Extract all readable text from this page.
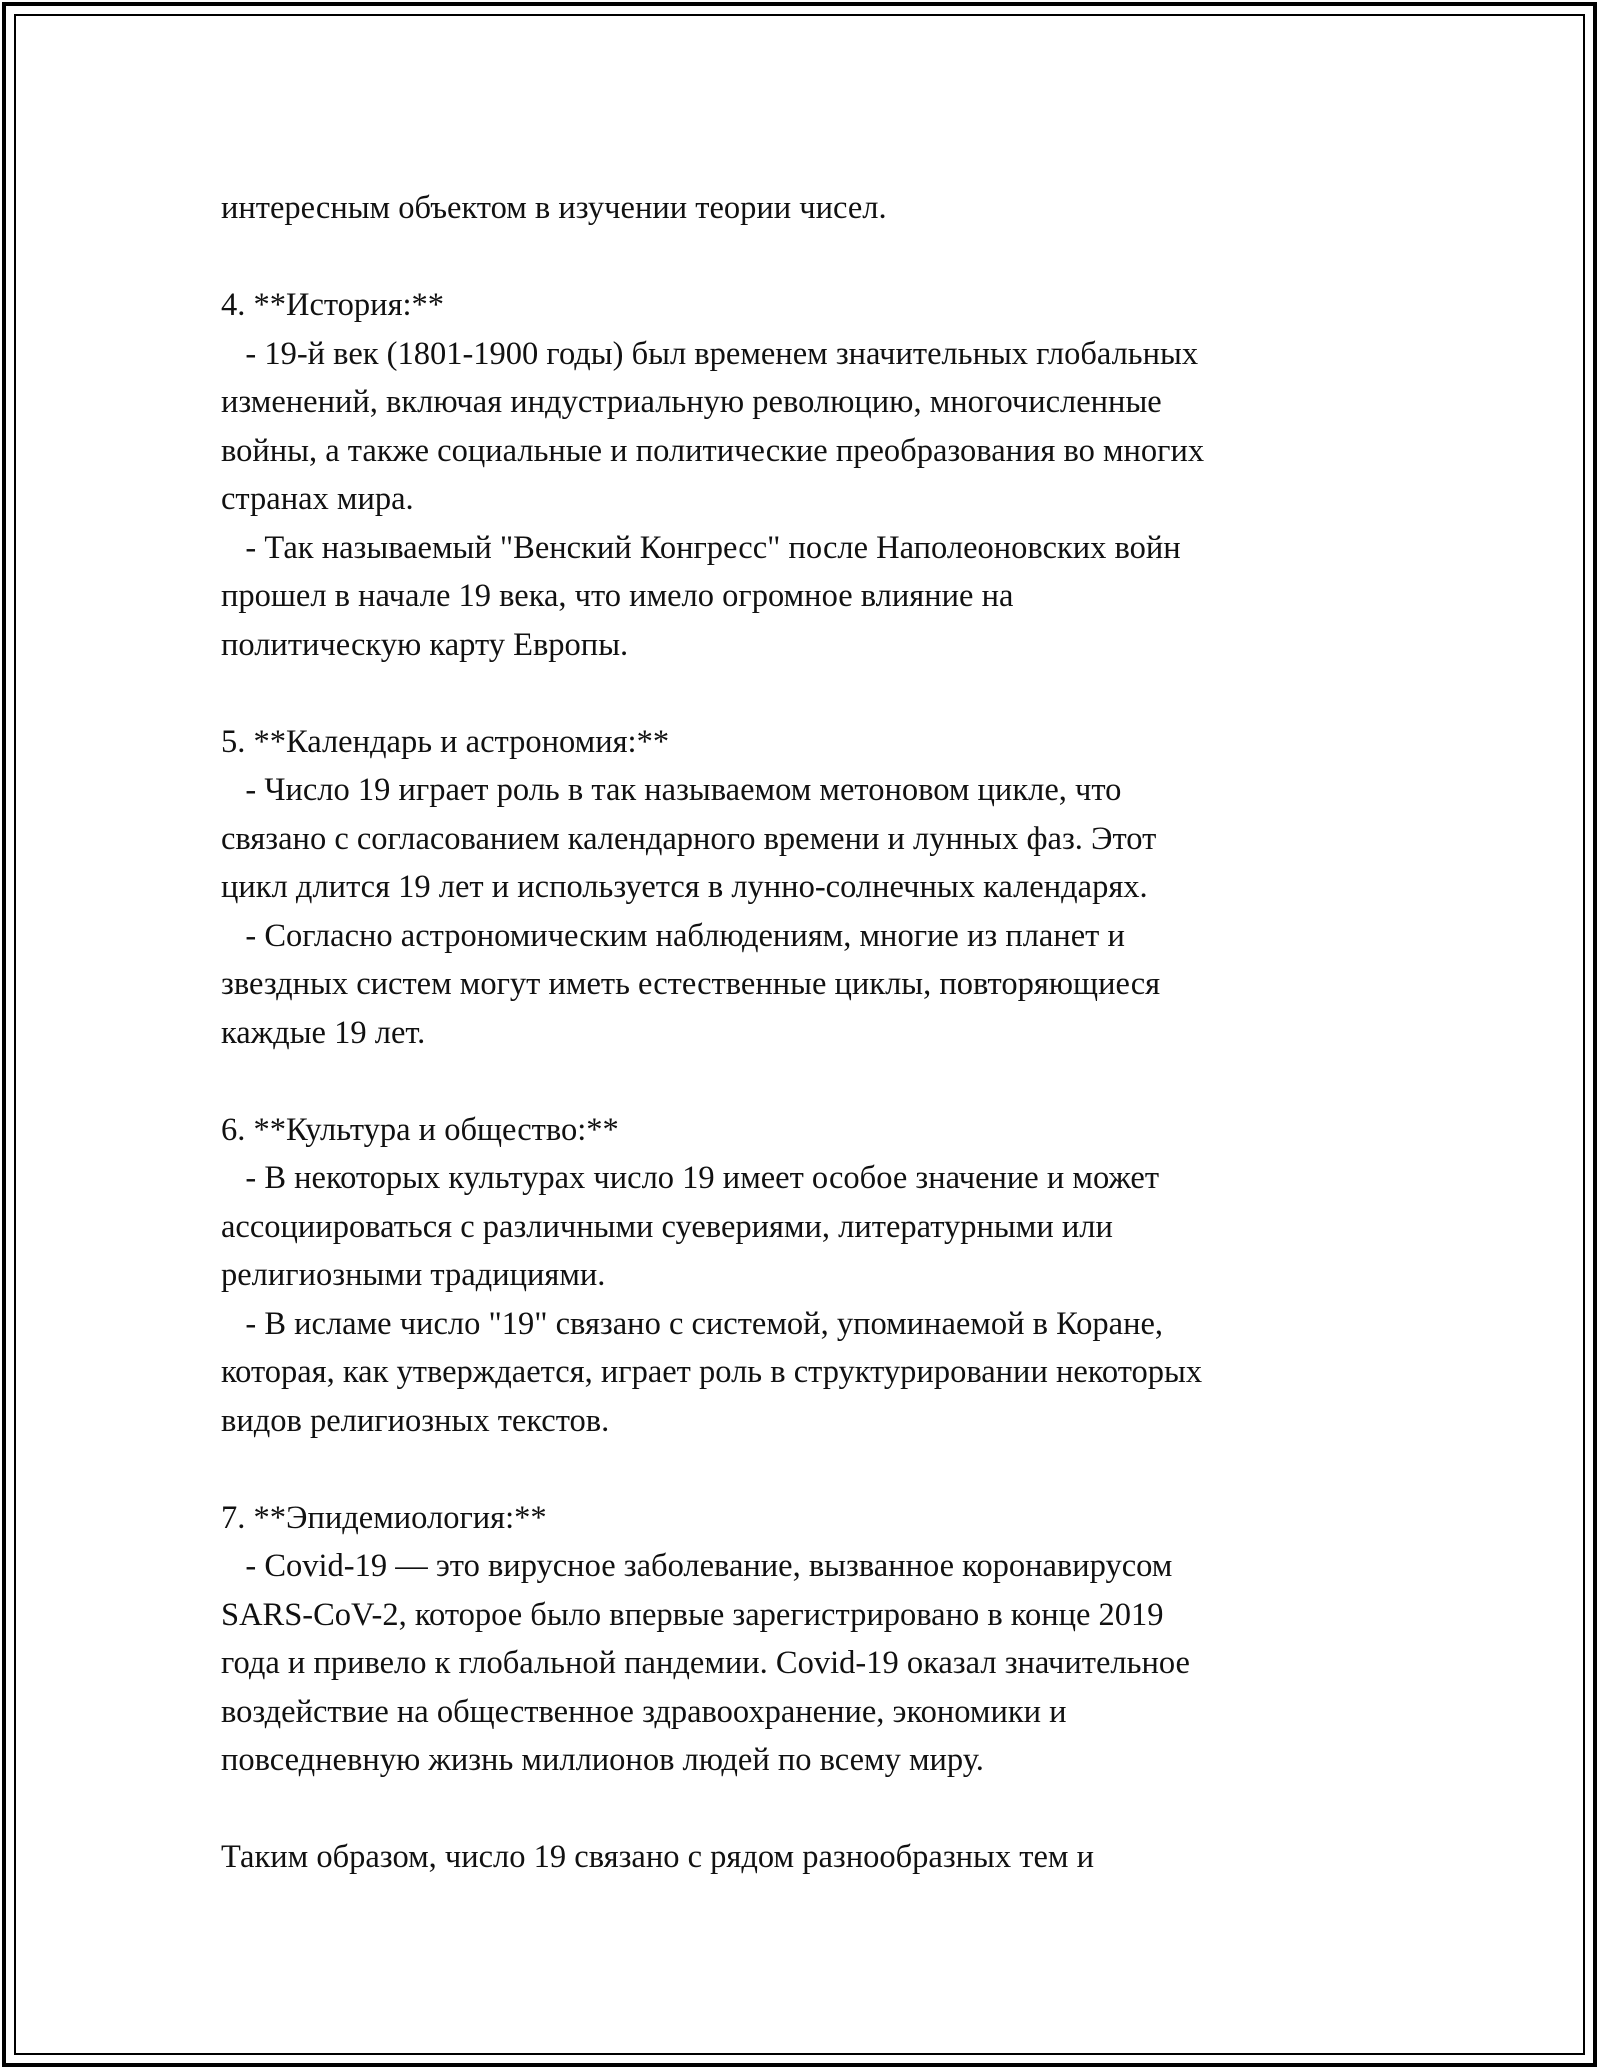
интересным объектом в изучении теории чисел.
4. **История:**
- 19-й век (1801-1900 годы) был временем значительных глобальных
изменений, включая индустриальную революцию, многочисленные
войны, а также социальные и политические преобразования во многих
странах мира.
- Так называемый "Венский Конгресс" после Наполеоновских войн
прошел в начале 19 века, что имело огромное влияние на
политическую карту Европы.
5. **Календарь и астрономия:**
- Число 19 играет роль в так называемом метоновом цикле, что
связано с согласованием календарного времени и лунных фаз. Этот
цикл длится 19 лет и используется в лунно-солнечных календарях.
- Согласно астрономическим наблюдениям, многие из планет и
звездных систем могут иметь естественные циклы, повторяющиеся
каждые 19 лет.
6. **Культура и общество:**
- В некоторых культурах число 19 имеет особое значение и может
ассоциироваться с различными суевериями, литературными или
религиозными традициями.
- В исламе число "19" связано с системой, упоминаемой в Коране,
которая, как утверждается, играет роль в структурировании некоторых
видов религиозных текстов.
7. **Эпидемиология:**
- Covid-19 — это вирусное заболевание, вызванное коронавирусом
SARS-CoV-2, которое было впервые зарегистрировано в конце 2019
года и привело к глобальной пандемии. Covid-19 оказал значительное
воздействие на общественное здравоохранение, экономики и
повседневную жизнь миллионов людей по всему миру.
Таким образом, число 19 связано с рядом разнообразных тем и
